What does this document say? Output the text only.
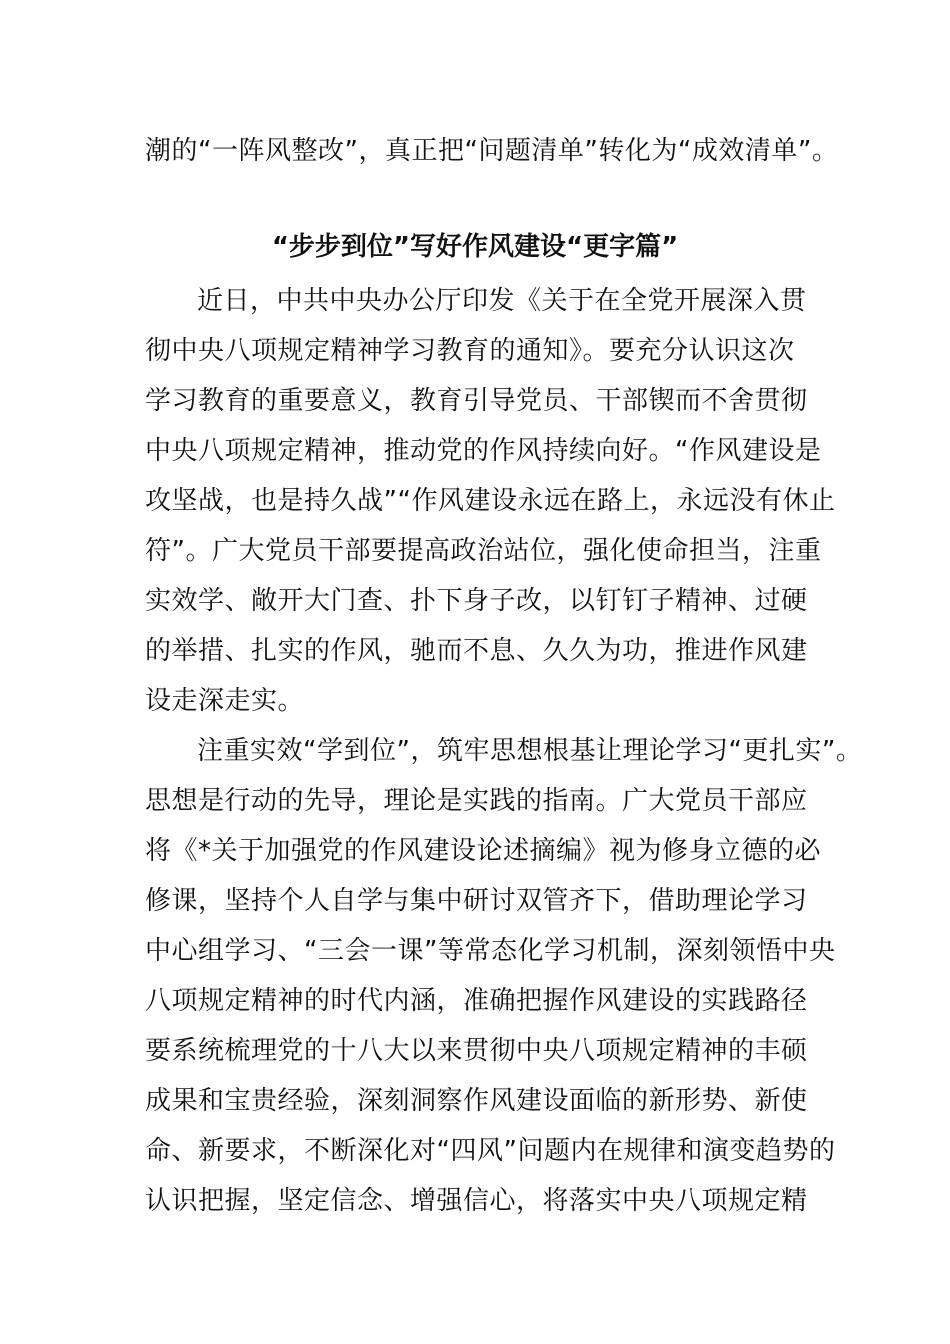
潮的“一阵风整改”，真正把“问题清单”转化为“成效清单”。
“步步到位”写好作风建设“更字篇”
近日，中共中央办公厅印发《关于在全党开展深入贯
彻中央八项规定精神学习教育的通知》。要充分认识这次
学习教育的重要意义，教育引导党员、干部锲而不舍贯彻
中央八项规定精神，推动党的作风持续向好。“作风建设是
攻坚战，也是持久战”“作风建设永远在路上，永远没有休止
符”。广大党员干部要提高政治站位，强化使命担当，注重
实效学、敞开大门查、扑下身子改，以钉钉子精神、过硬
的举措、扎实的作风，驰而不息、久久为功，推进作风建
设走深走实。
注重实效“学到位”，筑牢思想根基让理论学习“更扎实”。
思想是行动的先导，理论是实践的指南。广大党员干部应
将《*关于加强党的作风建设论述摘编》视为修身立德的必
修课，坚持个人自学与集中研讨双管齐下，借助理论学习
中心组学习、“三会一课”等常态化学习机制，深刻领悟中央
八项规定精神的时代内涵，准确把握作风建设的实践路径
要系统梳理党的十八大以来贯彻中央八项规定精神的丰硕
成果和宝贵经验，深刻洞察作风建设面临的新形势、新使
命、新要求，不断深化对“四风”问题内在规律和演变趋势的
认识把握，坚定信念、增强信心，将落实中央八项规定精
